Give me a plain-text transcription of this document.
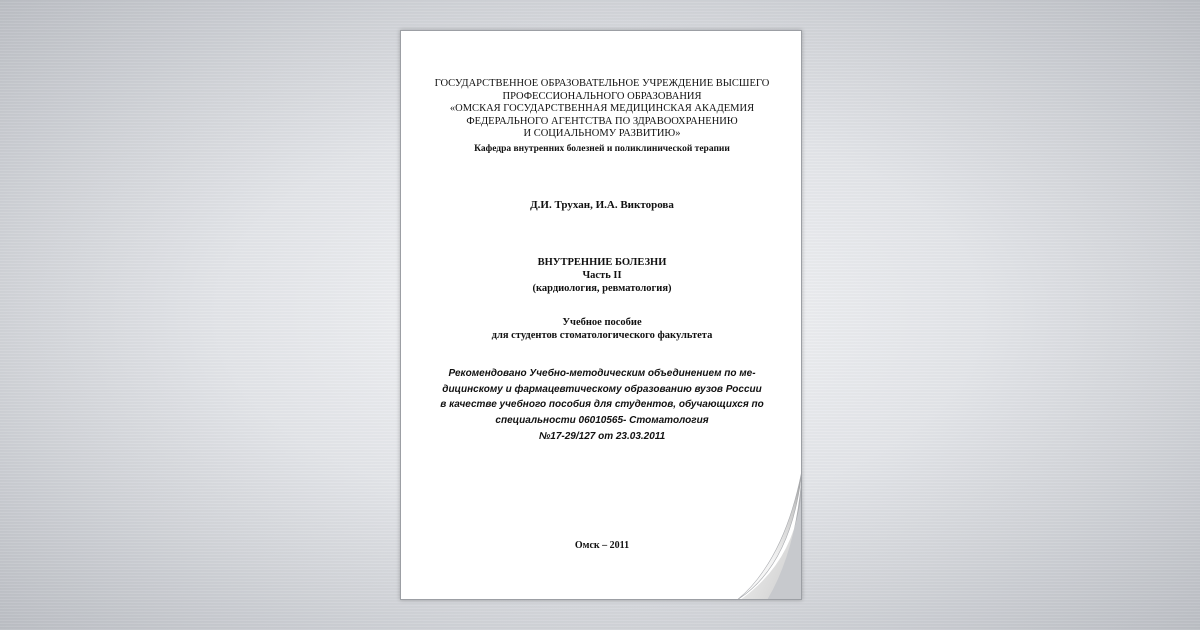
ГОСУДАРСТВЕННОЕ ОБРАЗОВАТЕЛЬНОЕ УЧРЕЖДЕНИЕ ВЫСШЕГО
ПРОФЕССИОНАЛЬНОГО ОБРАЗОВАНИЯ
«ОМСКАЯ ГОСУДАРСТВЕННАЯ МЕДИЦИНСКАЯ АКАДЕМИЯ
ФЕДЕРАЛЬНОГО АГЕНТСТВА ПО ЗДРАВООХРАНЕНИЮ
И СОЦИАЛЬНОМУ РАЗВИТИЮ»
Кафедра внутренних болезней и поликлинической терапии
Д.И. Трухан, И.А. Викторова
ВНУТРЕННИЕ БОЛЕЗНИ
Часть II
(кардиология, ревматология)
Учебное пособие
для студентов стоматологического факультета
Рекомендовано Учебно-методическим объединением по ме-
дицинскому и фармацевтическому образованию вузов России
в качестве учебного пособия для студентов, обучающихся по
специальности 06010565- Стоматология
№17-29/127 от 23.03.2011
Омск – 2011
